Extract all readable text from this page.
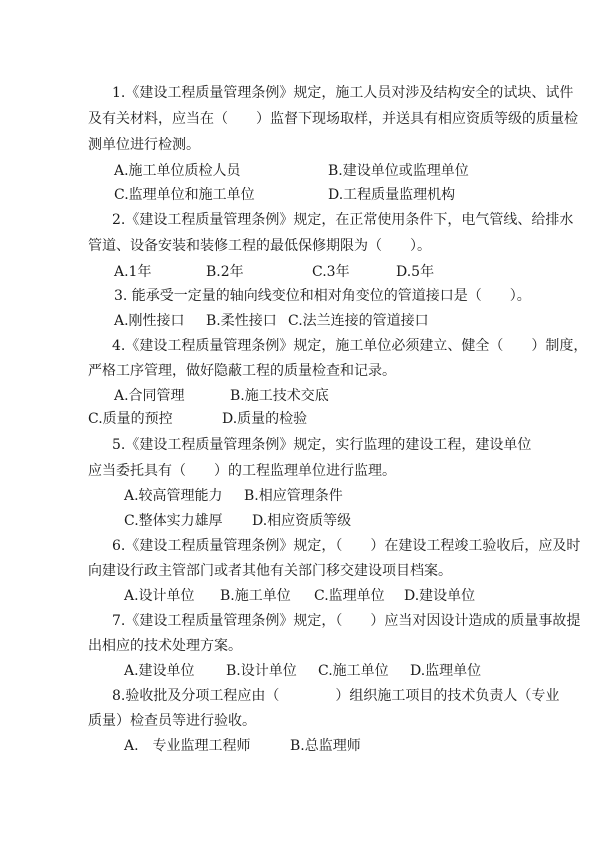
1.《建设工程质量管理条例》规定，施工人员对涉及结构安全的试块、试件
及有关材料，应当在（　　）监督下现场取样，并送具有相应资质等级的质量检
测单位进行检测。
A.施工单位质检人员	B.建设单位或监理单位
C.监理单位和施工单位	D.工程质量监理机构
2.《建设工程质量管理条例》规定，在正常使用条件下，电气管线、给排水
管道、设备安装和装修工程的最低保修期限为（　　）。
A.1年	B.2年	C.3年	D.5年
3. 能承受一定量的轴向线变位和相对角变位的管道接口是（　　）。
A.刚性接口 B.柔性接口 C.法兰连接的管道接口
4.《建设工程质量管理条例》规定，施工单位必须建立、健全（　　）制度，
严格工序管理，做好隐蔽工程的质量检查和记录。
A.合同管理	B.施工技术交底
C.质量的预控	D.质量的检验
5.《建设工程质量管理条例》规定，实行监理的建设工程，建设单位
应当委托具有（　　）的工程监理单位进行监理。
A.较高管理能力 B.相应管理条件
C.整体实力雄厚 D.相应资质等级
6.《建设工程质量管理条例》规定，（　　）在建设工程竣工验收后，应及时
向建设行政主管部门或者其他有关部门移交建设项目档案。
A.设计单位 B.施工单位 C.监理单位 D.建设单位
7.《建设工程质量管理条例》规定，（　　）应当对因设计造成的质量事故提
出相应的技术处理方案。
A.建设单位 B.设计单位 C.施工单位 D.监理单位
8.验收批及分项工程应由（　　　　）组织施工项目的技术负责人（专业
质量）检查员等进行验收。
A.　专业监理工程师	B.总监理师
